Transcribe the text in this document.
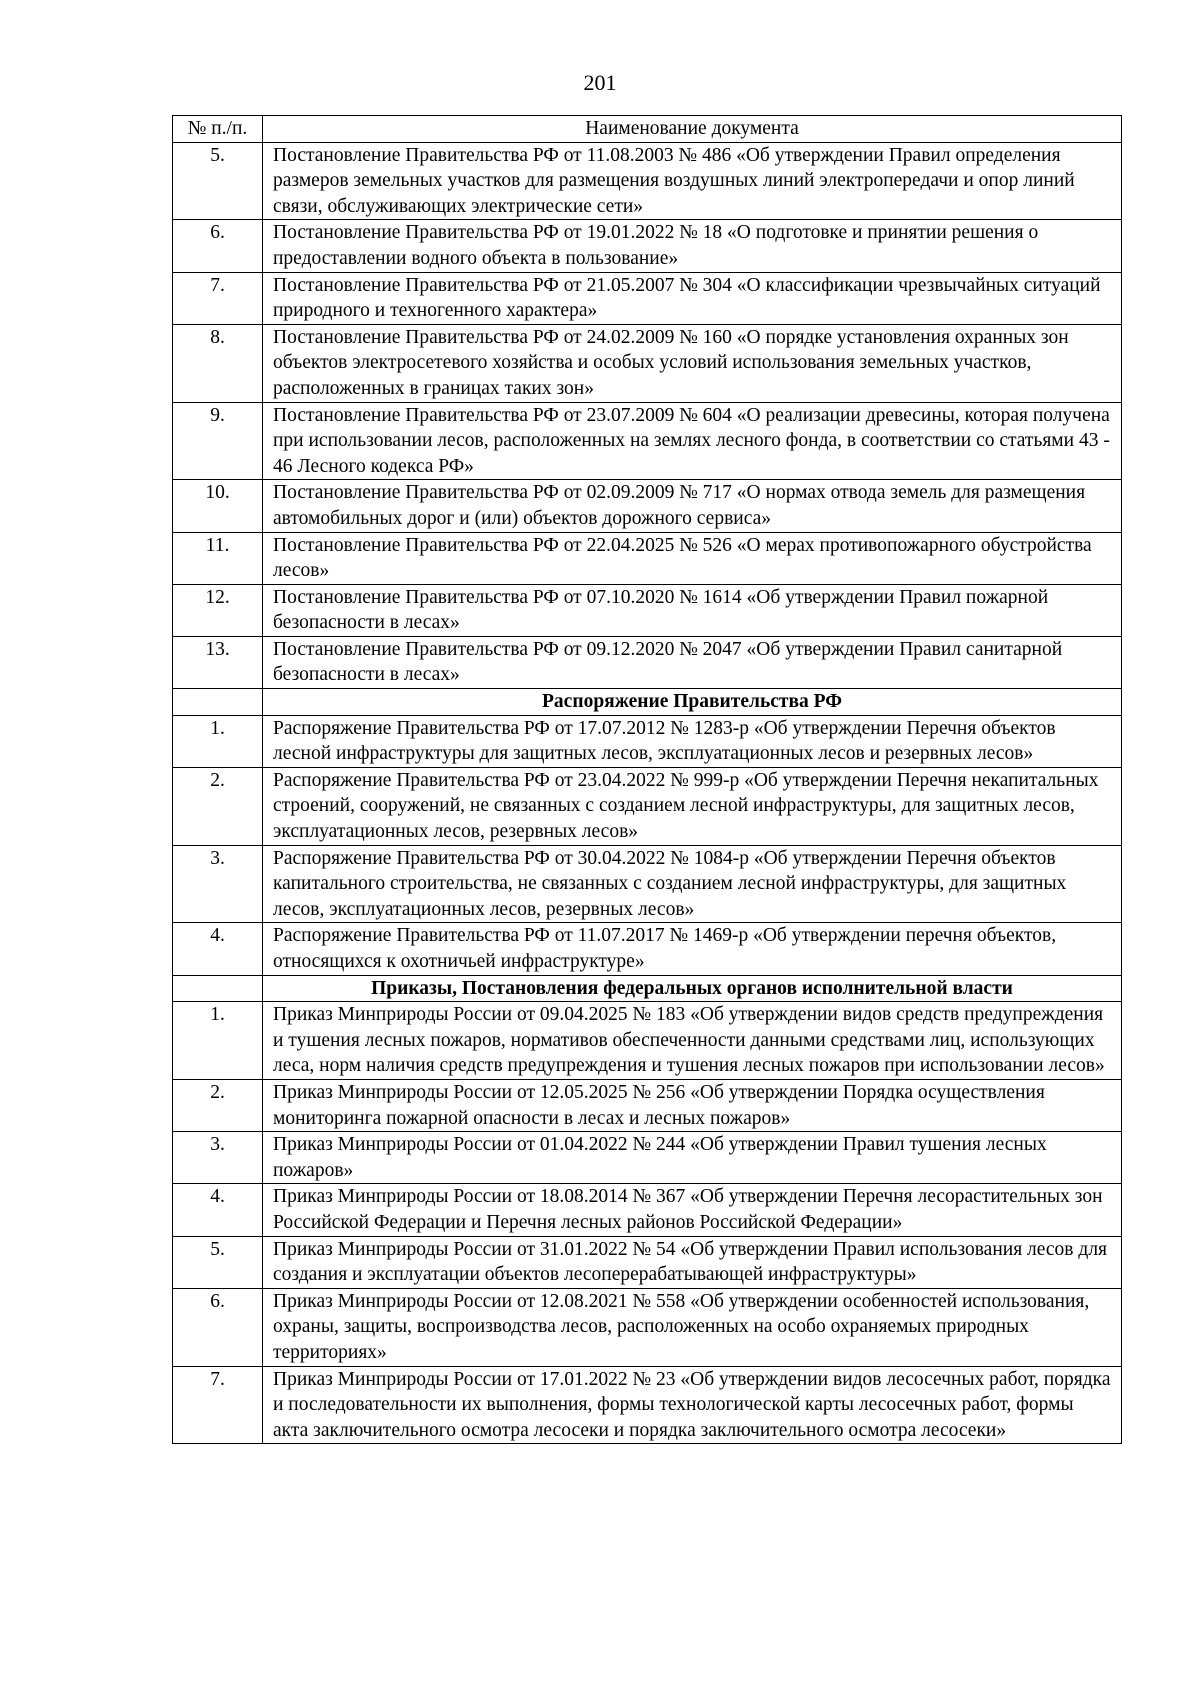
201
№ п./п.	Наименование документа
5.	Постановление Правительства РФ от 11.08.2003 № 486 «Об утверждении Правил определения размеров земельных участков для размещения воздушных линий электропередачи и опор линий связи, обслуживающих электрические сети»
6.	Постановление Правительства РФ от 19.01.2022 № 18 «О подготовке и принятии решения о предоставлении водного объекта в пользование»
7.	Постановление Правительства РФ от 21.05.2007 № 304 «О классификации чрезвычайных ситуаций природного и техногенного характера»
8.	Постановление Правительства РФ от 24.02.2009 № 160 «О порядке установления охранных зон объектов электросетевого хозяйства и особых условий использования земельных участков, расположенных в границах таких зон»
9.	Постановление Правительства РФ от 23.07.2009 № 604 «О реализации древесины, которая получена при использовании лесов, расположенных на землях лесного фонда, в соответствии со статьями 43 - 46 Лесного кодекса РФ»
10.	Постановление Правительства РФ от 02.09.2009 № 717 «О нормах отвода земель для размещения автомобильных дорог и (или) объектов дорожного сервиса»
11.	Постановление Правительства РФ от 22.04.2025 № 526 «О мерах противопожарного обустройства лесов»
12.	Постановление Правительства РФ от 07.10.2020 № 1614 «Об утверждении Правил пожарной безопасности в лесах»
13.	Постановление Правительства РФ от 09.12.2020 № 2047 «Об утверждении Правил санитарной безопасности в лесах»
	Распоряжение Правительства РФ
1.	Распоряжение Правительства РФ от 17.07.2012 № 1283-р «Об утверждении Перечня объектов лесной инфраструктуры для защитных лесов, эксплуатационных лесов и резервных лесов»
2.	Распоряжение Правительства РФ от 23.04.2022 № 999-р «Об утверждении Перечня некапитальных строений, сооружений, не связанных с созданием лесной инфраструктуры, для защитных лесов, эксплуатационных лесов, резервных лесов»
3.	Распоряжение Правительства РФ от 30.04.2022 № 1084-р «Об утверждении Перечня объектов капитального строительства, не связанных с созданием лесной инфраструктуры, для защитных лесов, эксплуатационных лесов, резервных лесов»
4.	Распоряжение Правительства РФ от 11.07.2017 № 1469-р «Об утверждении перечня объектов, относящихся к охотничьей инфраструктуре»
	Приказы, Постановления федеральных органов исполнительной власти
1.	Приказ Минприроды России от 09.04.2025 № 183 «Об утверждении видов средств предупреждения и тушения лесных пожаров, нормативов обеспеченности данными средствами лиц, использующих леса, норм наличия средств предупреждения и тушения лесных пожаров при использовании лесов»
2.	Приказ Минприроды России от 12.05.2025 № 256 «Об утверждении Порядка осуществления мониторинга пожарной опасности в лесах и лесных пожаров»
3.	Приказ Минприроды России от 01.04.2022 № 244 «Об утверждении Правил тушения лесных пожаров»
4.	Приказ Минприроды России от 18.08.2014 № 367 «Об утверждении Перечня лесорастительных зон Российской Федерации и Перечня лесных районов Российской Федерации»
5.	Приказ Минприроды России от 31.01.2022 № 54 «Об утверждении Правил использования лесов для создания и эксплуатации объектов лесоперерабатывающей инфраструктуры»
6.	Приказ Минприроды России от 12.08.2021 № 558 «Об утверждении особенностей использования, охраны, защиты, воспроизводства лесов, расположенных на особо охраняемых природных территориях»
7.	Приказ Минприроды России от 17.01.2022 № 23 «Об утверждении видов лесосечных работ, порядка и последовательности их выполнения, формы технологической карты лесосечных работ, формы акта заключительного осмотра лесосеки и порядка заключительного осмотра лесосеки»
